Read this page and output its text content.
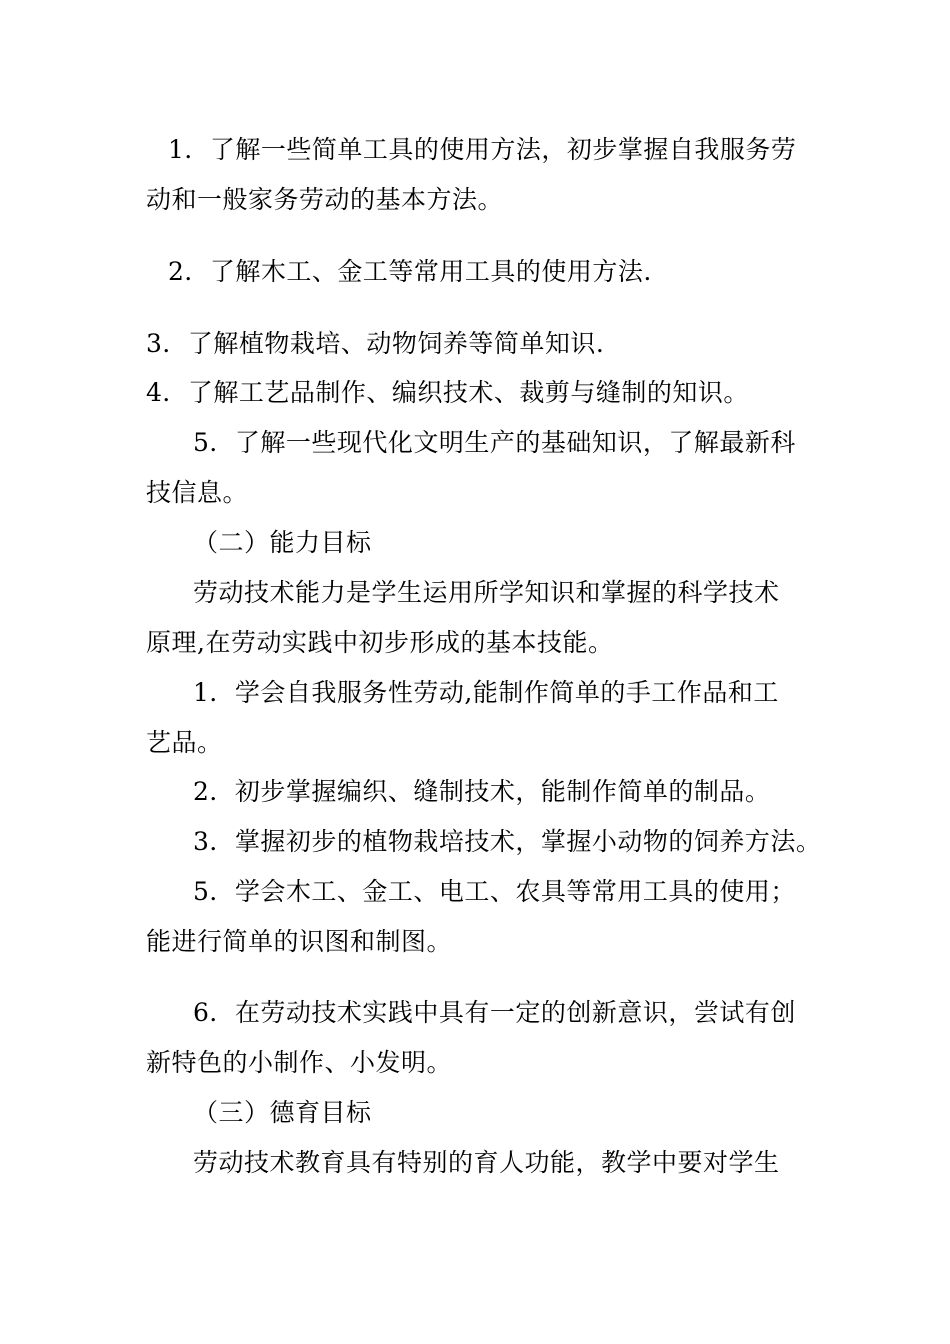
1．了解一些简单工具的使用方法，初步掌握自我服务劳
动和一般家务劳动的基本方法。
2．了解木工、金工等常用工具的使用方法.
3．了解植物栽培、动物饲养等简单知识.
4．了解工艺品制作、编织技术、裁剪与缝制的知识。
5．了解一些现代化文明生产的基础知识，了解最新科
技信息。
（二）能力目标
劳动技术能力是学生运用所学知识和掌握的科学技术
原理,在劳动实践中初步形成的基本技能。
1．学会自我服务性劳动,能制作简单的手工作品和工
艺品。
2．初步掌握编织、缝制技术，能制作简单的制品。
3．掌握初步的植物栽培技术，掌握小动物的饲养方法。
5．学会木工、金工、电工、农具等常用工具的使用；
能进行简单的识图和制图。
6．在劳动技术实践中具有一定的创新意识，尝试有创
新特色的小制作、小发明。
（三）德育目标
劳动技术教育具有特别的育人功能，教学中要对学生
